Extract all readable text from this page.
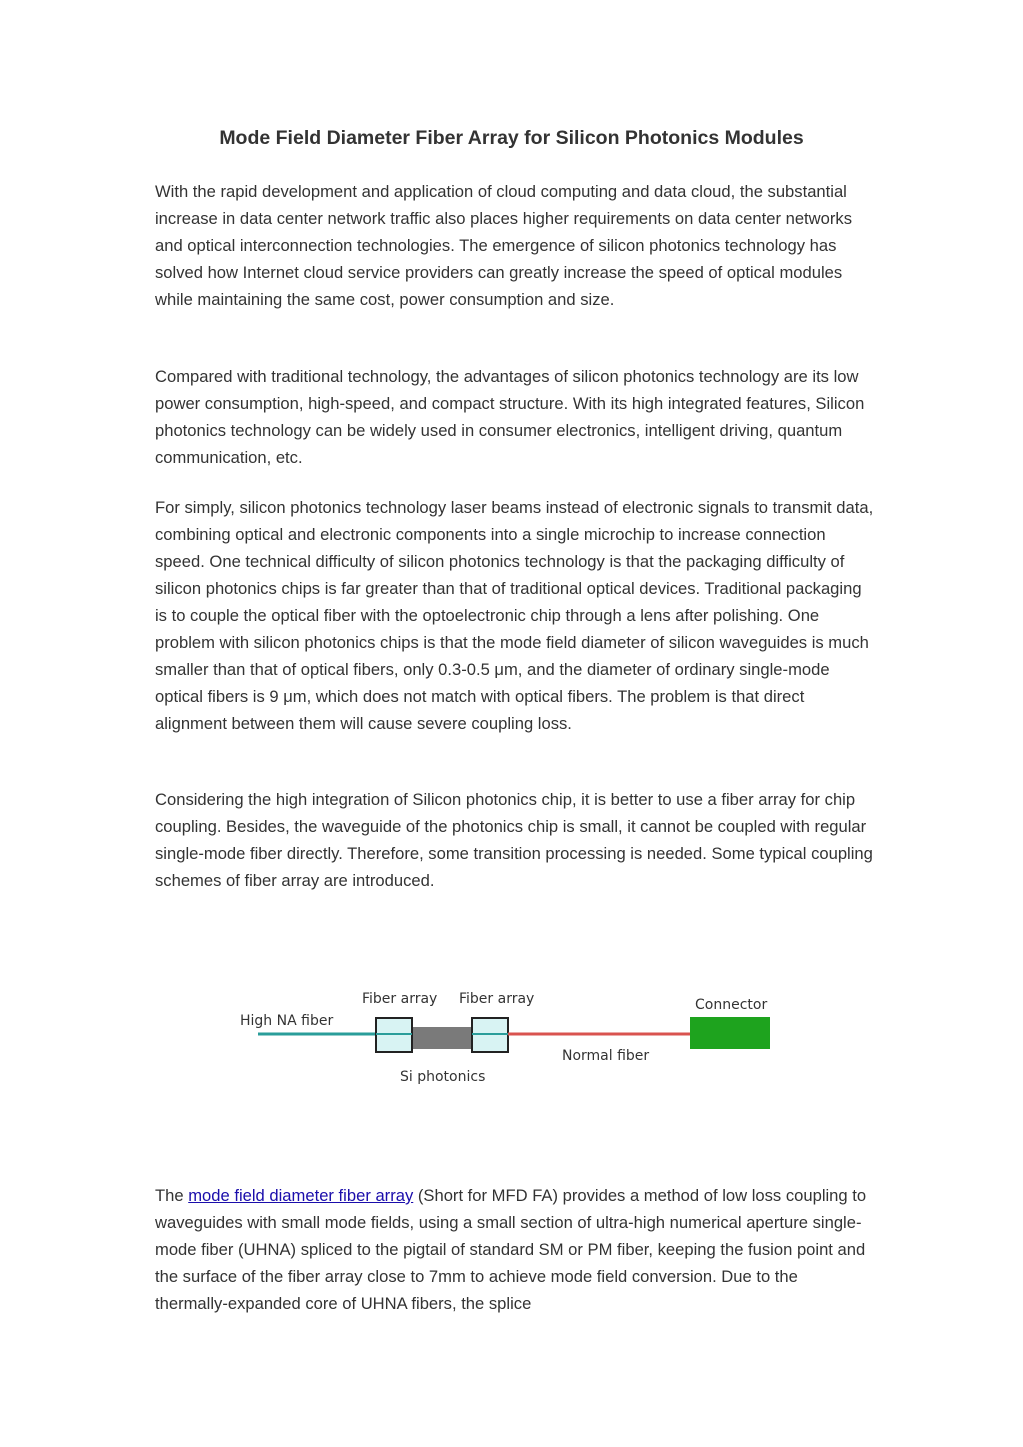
Mode Field Diameter Fiber Array for Silicon Photonics Modules

With the rapid development and application of cloud computing and data cloud, the substantial increase in data center network traffic also places higher requirements on data center networks and optical interconnection technologies. The emergence of silicon photonics technology has solved how Internet cloud service providers can greatly increase the speed of optical modules while maintaining the same cost, power consumption and size.

Compared with traditional technology, the advantages of silicon photonics technology are its low power consumption, high-speed, and compact structure. With its high integrated features, Silicon photonics technology can be widely used in consumer electronics, intelligent driving, quantum communication, etc.

For simply, silicon photonics technology laser beams instead of electronic signals to transmit data, combining optical and electronic components into a single microchip to increase connection speed. One technical difficulty of silicon photonics technology is that the packaging difficulty of silicon photonics chips is far greater than that of traditional optical devices. Traditional packaging is to couple the optical fiber with the optoelectronic chip through a lens after polishing. One problem with silicon photonics chips is that the mode field diameter of silicon waveguides is much smaller than that of optical fibers, only 0.3-0.5 μm, and the diameter of ordinary single-mode optical fibers is 9 μm, which does not match with optical fibers. The problem is that direct alignment between them will cause severe coupling loss.

Considering the high integration of Silicon photonics chip, it is better to use a fiber array for chip coupling. Besides, the waveguide of the photonics chip is small, it cannot be coupled with regular single-mode fiber directly. Therefore, some transition processing is needed. Some typical coupling schemes of fiber array are introduced.

High NA fiber
Fiber array Fiber array
Si photonics
Normal fiber
Connector

The mode field diameter fiber array (Short for MFD FA) provides a method of low loss coupling to waveguides with small mode fields, using a small section of ultra-high numerical aperture single-mode fiber (UHNA) spliced to the pigtail of standard SM or PM fiber, keeping the fusion point and the surface of the fiber array close to 7mm to achieve mode field conversion. Due to the thermally-expanded core of UHNA fibers, the splice
